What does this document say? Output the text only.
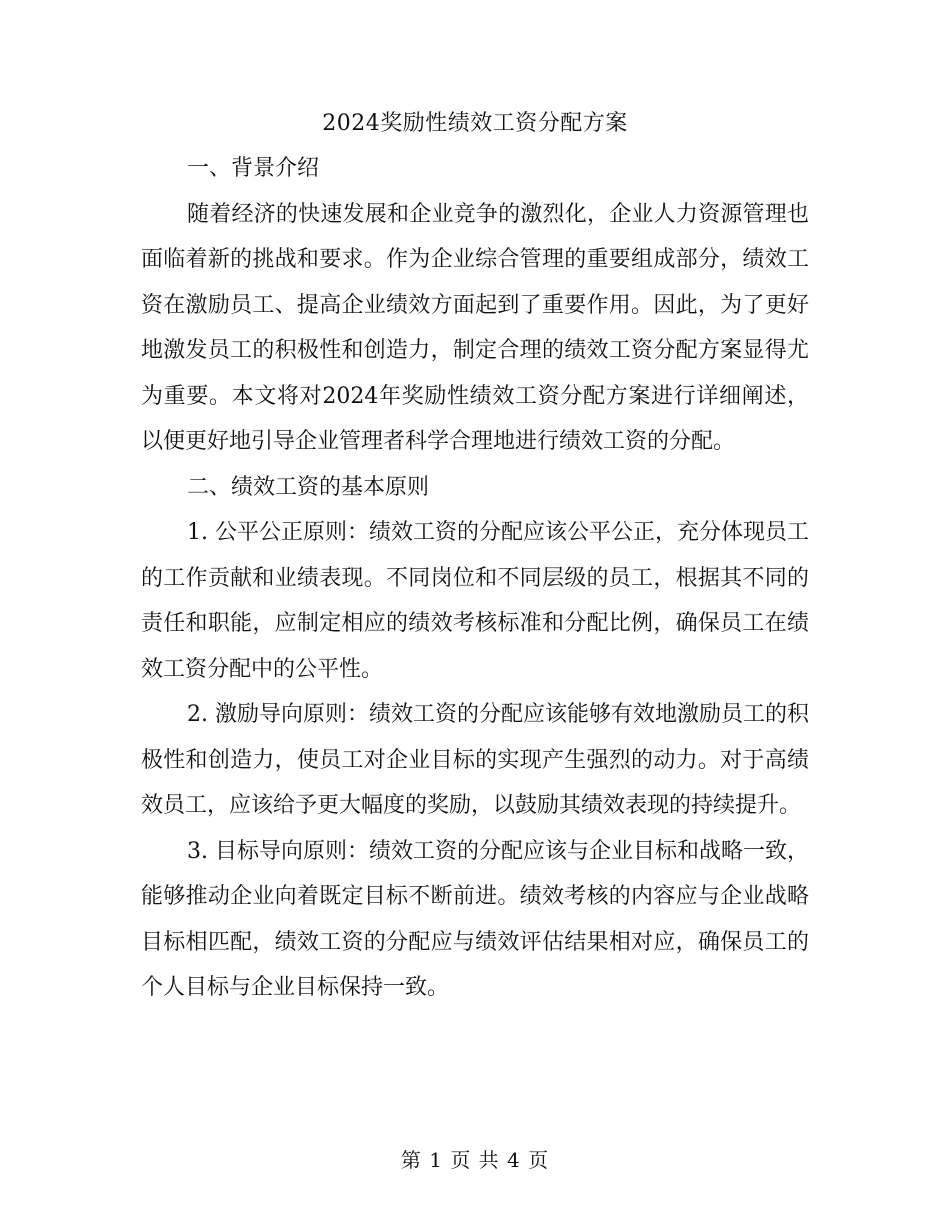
2024奖励性绩效工资分配方案

一、背景介绍

随着经济的快速发展和企业竞争的激烈化，企业人力资源管理也面临着新的挑战和要求。作为企业综合管理的重要组成部分，绩效工资在激励员工、提高企业绩效方面起到了重要作用。因此，为了更好地激发员工的积极性和创造力，制定合理的绩效工资分配方案显得尤为重要。本文将对2024年奖励性绩效工资分配方案进行详细阐述，以便更好地引导企业管理者科学合理地进行绩效工资的分配。

二、绩效工资的基本原则

1. 公平公正原则：绩效工资的分配应该公平公正，充分体现员工的工作贡献和业绩表现。不同岗位和不同层级的员工，根据其不同的责任和职能，应制定相应的绩效考核标准和分配比例，确保员工在绩效工资分配中的公平性。

2. 激励导向原则：绩效工资的分配应该能够有效地激励员工的积极性和创造力，使员工对企业目标的实现产生强烈的动力。对于高绩效员工，应该给予更大幅度的奖励，以鼓励其绩效表现的持续提升。

3. 目标导向原则：绩效工资的分配应该与企业目标和战略一致，能够推动企业向着既定目标不断前进。绩效考核的内容应与企业战略目标相匹配，绩效工资的分配应与绩效评估结果相对应，确保员工的个人目标与企业目标保持一致。

第 1 页 共 4 页
